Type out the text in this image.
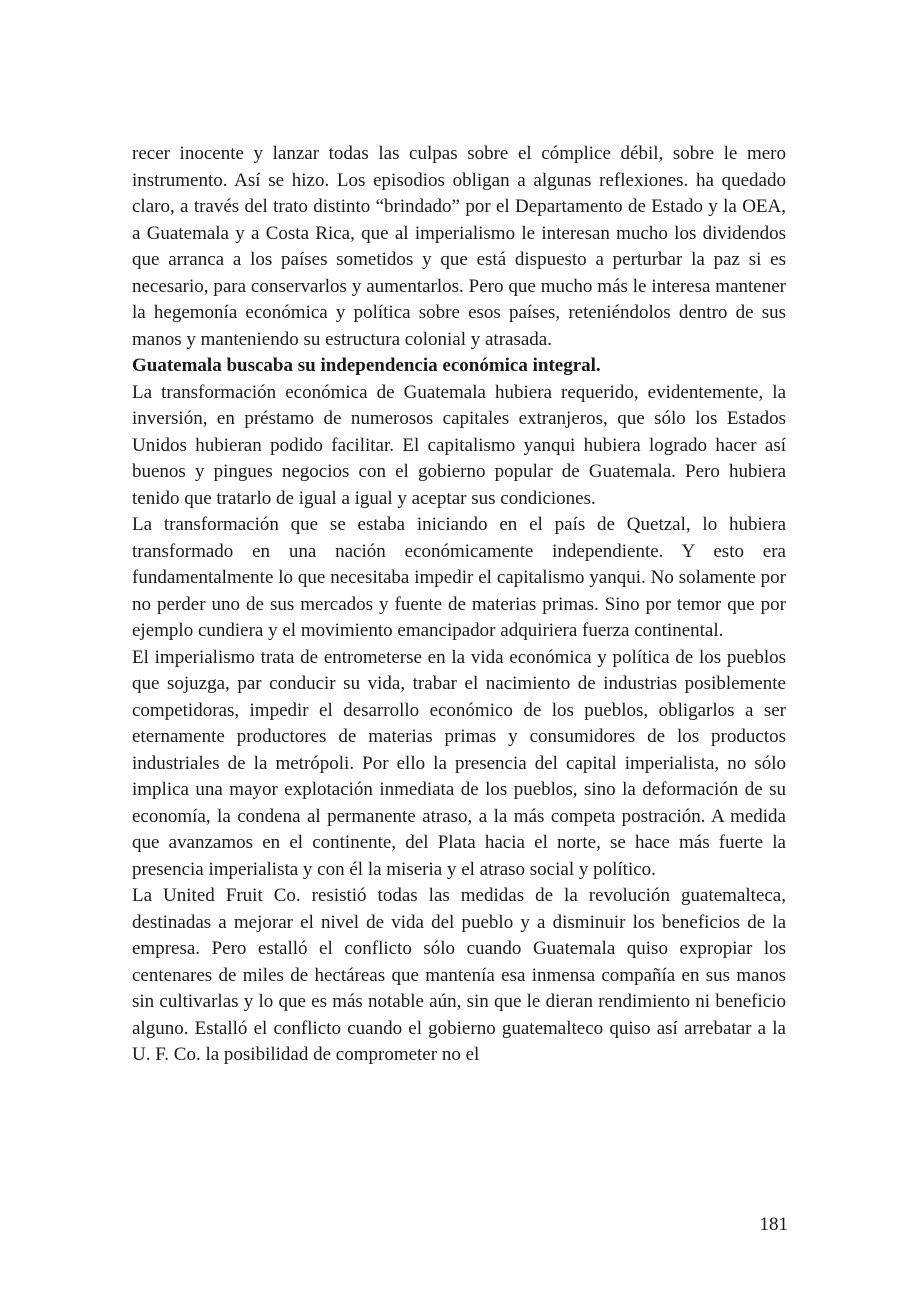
recer inocente y lanzar todas las culpas sobre el cómplice débil, sobre le mero instrumento. Así se hizo. Los episodios obligan a algunas reflexiones. ha quedado claro, a través del trato distinto “brindado” por el Departamento de Estado y la OEA, a Guatemala y a Costa Rica, que al imperialismo le interesan mucho los dividendos que arranca a los países sometidos y que está dispuesto a perturbar la paz si es necesario, para conservarlos y aumentarlos. Pero que mucho más le interesa mantener la hegemonía económica y política sobre esos países, reteniéndolos dentro de sus manos y manteniendo su estructura colonial y atrasada.

Guatemala buscaba su independencia económica integral.

La transformación económica de Guatemala hubiera requerido, evidentemente, la inversión, en préstamo de numerosos capitales extranjeros, que sólo los Estados Unidos hubieran podido facilitar. El capitalismo yanqui hubiera logrado hacer así buenos y pingues negocios con el gobierno popular de Guatemala. Pero hubiera tenido que tratarlo de igual a igual y aceptar sus condiciones.

La transformación que se estaba iniciando en el país de Quetzal, lo hubiera transformado en una nación económicamente independiente. Y esto era fundamentalmente lo que necesitaba impedir el capitalismo yanqui. No solamente por no perder uno de sus mercados y fuente de materias primas. Sino por temor que por ejemplo cundiera y el movimiento emancipador adquiriera fuerza continental.

El imperialismo trata de entrometerse en la vida económica y política de los pueblos que sojuzga, par conducir su vida, trabar el nacimiento de industrias posiblemente competidoras, impedir el desarrollo económico de los pueblos, obligarlos a ser eternamente productores de materias primas y consumidores de los productos industriales de la metrópoli. Por ello la presencia del capital imperialista, no sólo implica una mayor explotación inmediata de los pueblos, sino la deformación de su economía, la condena al permanente atraso, a la más competa postración. A medida que avanzamos en el continente, del Plata hacia el norte, se hace más fuerte la presencia imperialista y con él la miseria y el atraso social y político.

La United Fruit Co. resistió todas las medidas de la revolución guatemalteca, destinadas a mejorar el nivel de vida del pueblo y a disminuir los beneficios de la empresa. Pero estalló el conflicto sólo cuando Guatemala quiso expropiar los centenares de miles de hectáreas que mantenía esa inmensa compañía en sus manos sin cultivarlas y lo que es más notable aún, sin que le dieran rendimiento ni beneficio alguno. Estalló el conflicto cuando el gobierno guatemalteco quiso así arrebatar a la U. F. Co. la posibilidad de comprometer no el

181
